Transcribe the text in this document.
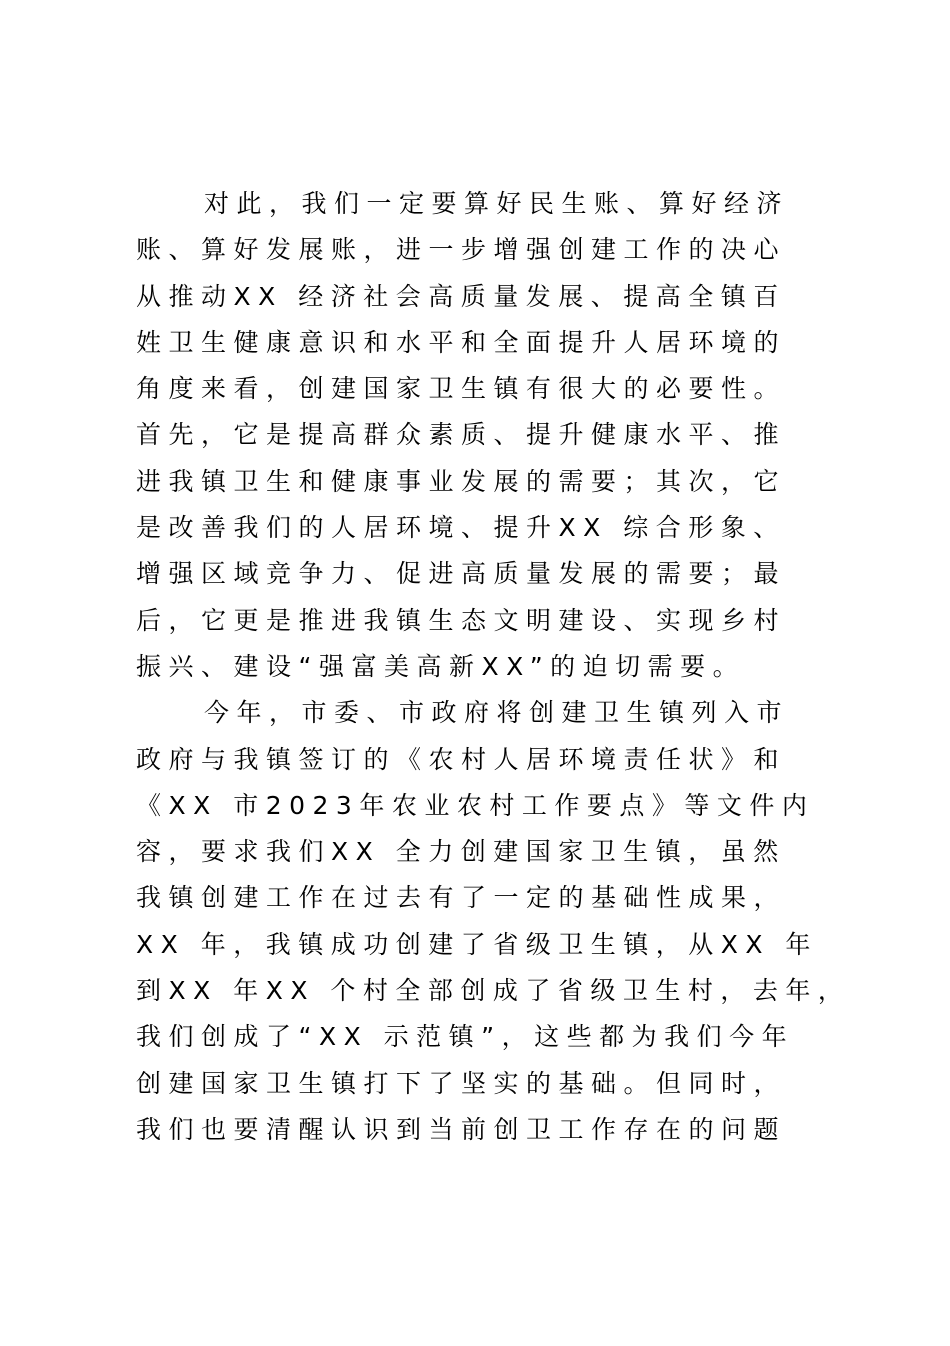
对此，我们一定要算好民生账、算好经济
账、算好发展账，进一步增强创建工作的决心
从推动XX 经济社会高质量发展、提高全镇百
姓卫生健康意识和水平和全面提升人居环境的
角度来看，创建国家卫生镇有很大的必要性。
首先，它是提高群众素质、提升健康水平、推
进我镇卫生和健康事业发展的需要；其次，它
是改善我们的人居环境、提升XX 综合形象、
增强区域竞争力、促进高质量发展的需要；最
后，它更是推进我镇生态文明建设、实现乡村
振兴、建设“强富美高新XX”的迫切需要。
今年，市委、市政府将创建卫生镇列入市
政府与我镇签订的《农村人居环境责任状》和
《XX 市2023年农业农村工作要点》等文件内
容，要求我们XX 全力创建国家卫生镇，虽然
我镇创建工作在过去有了一定的基础性成果，
XX 年，我镇成功创建了省级卫生镇，从XX 年
到XX 年XX 个村全部创成了省级卫生村，去年，
我们创成了“XX 示范镇”，这些都为我们今年
创建国家卫生镇打下了坚实的基础。但同时，
我们也要清醒认识到当前创卫工作存在的问题
